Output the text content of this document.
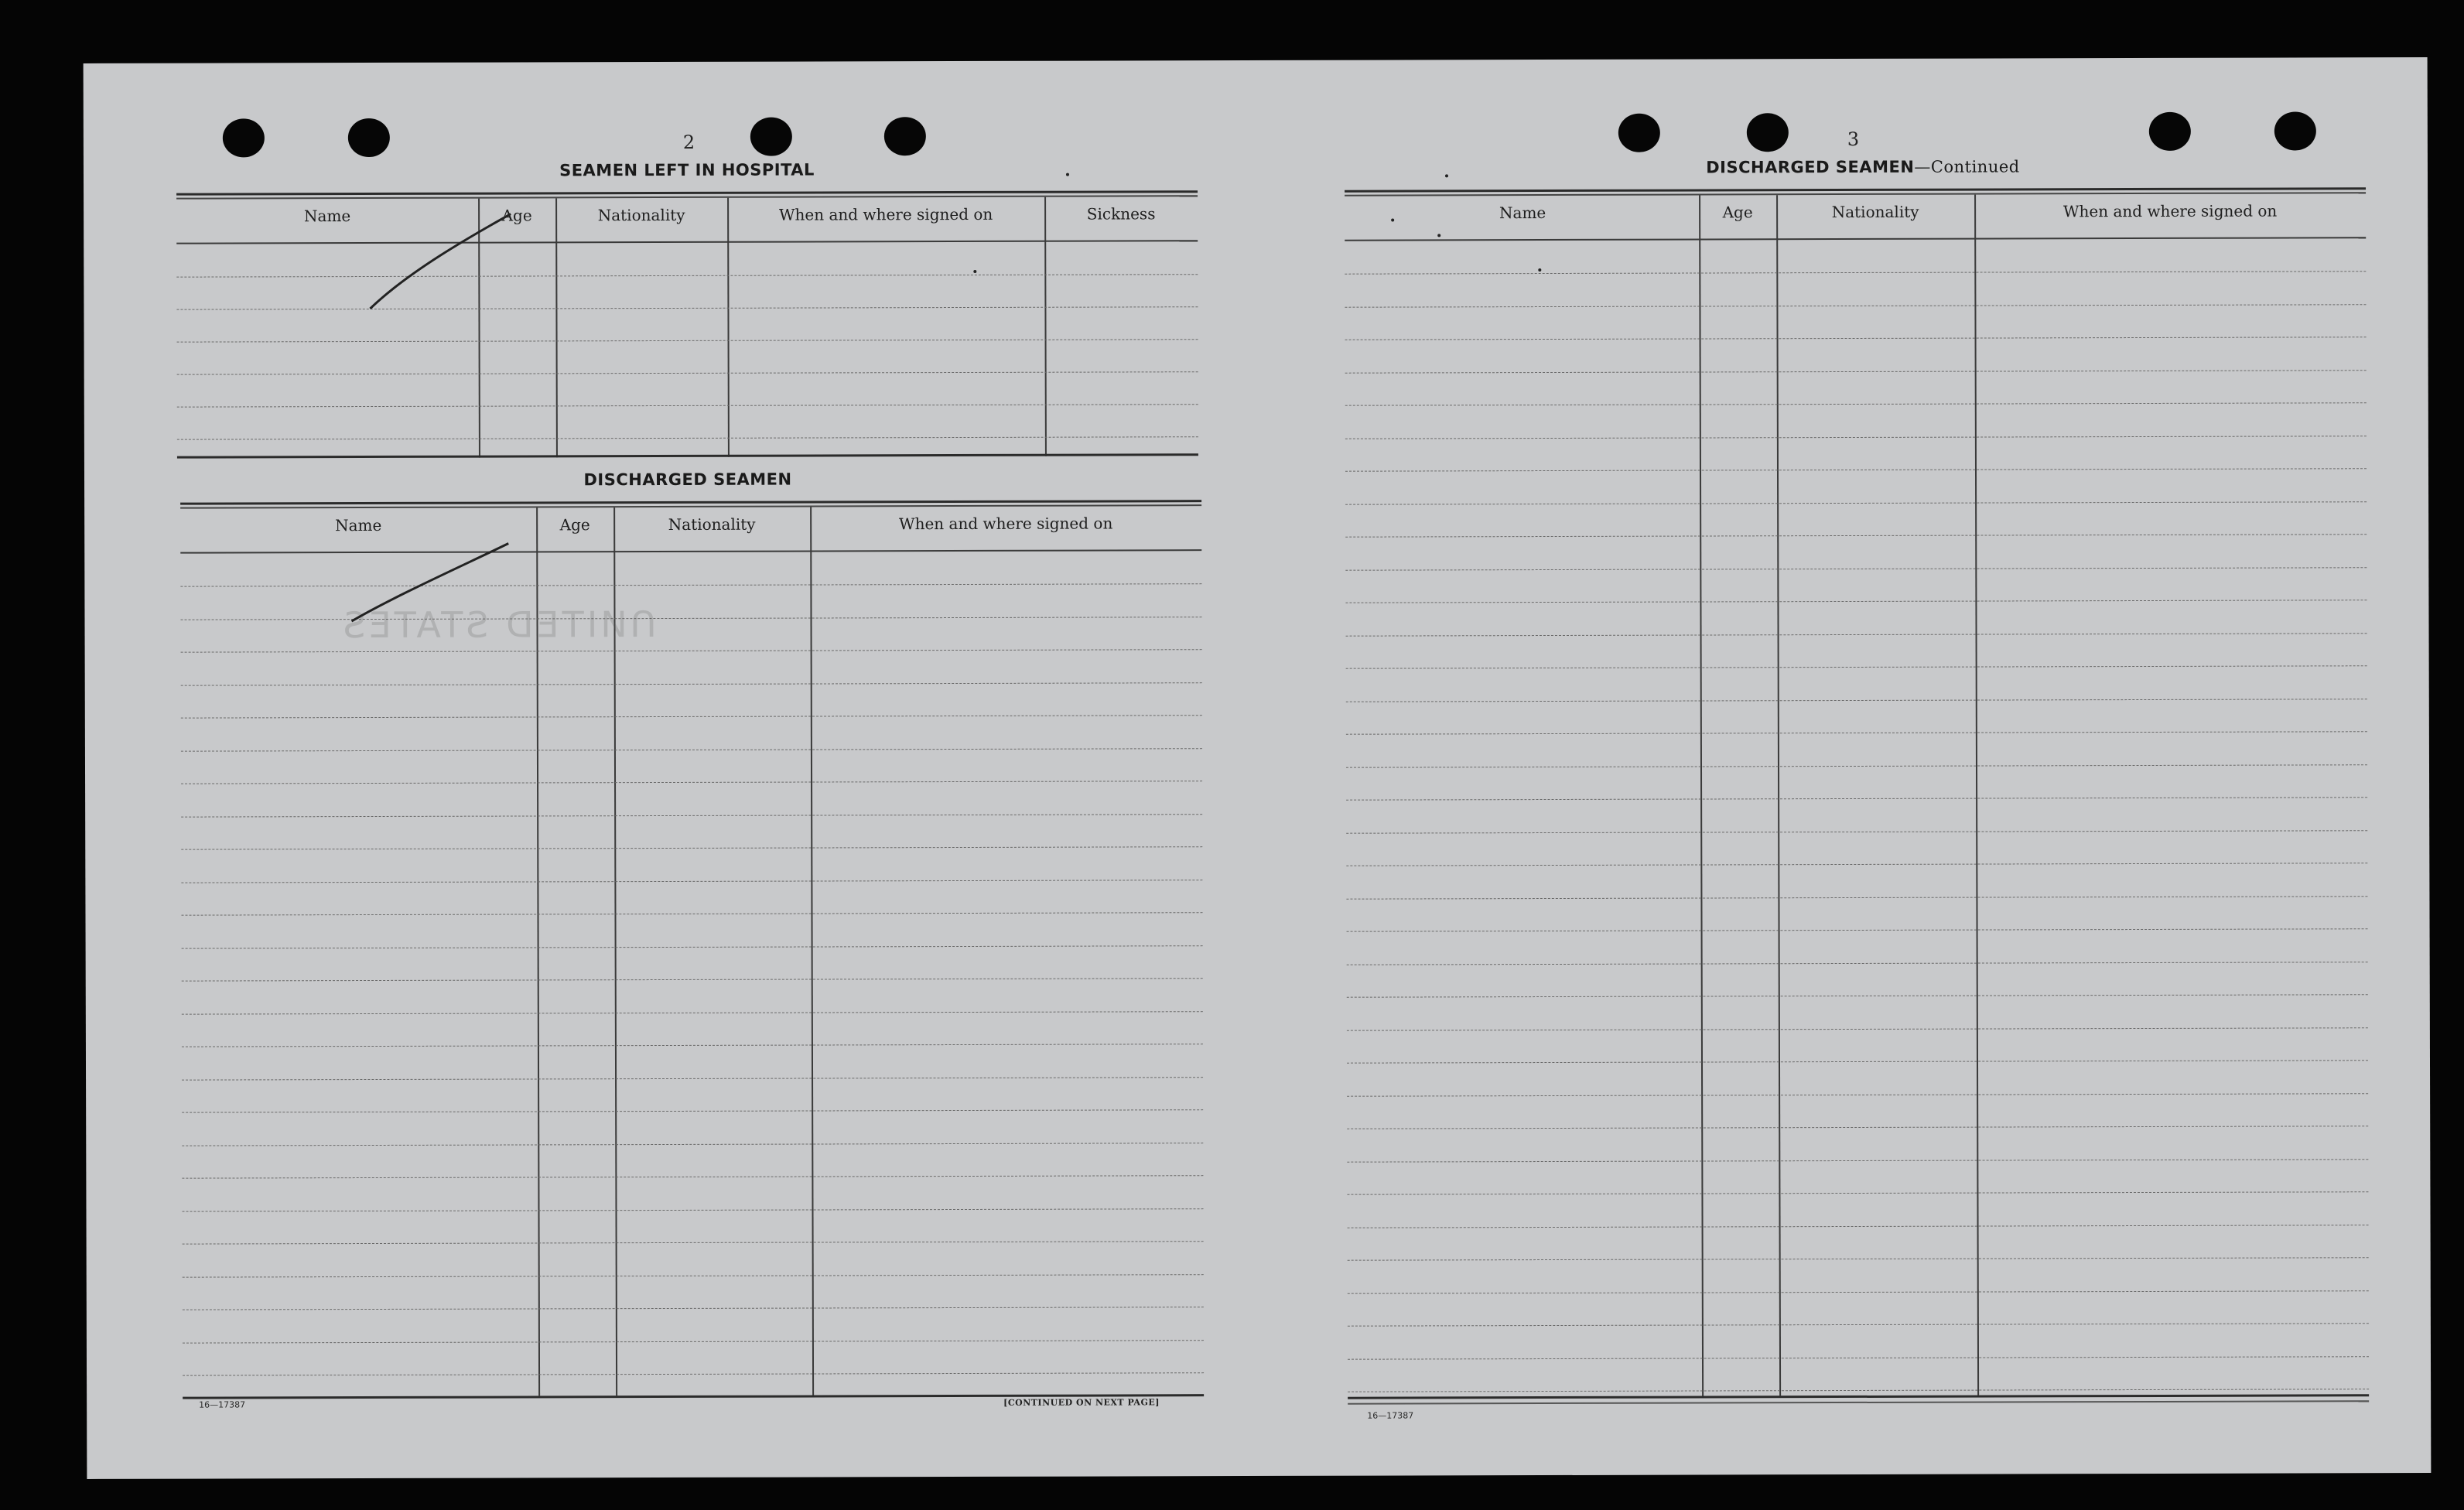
2
SEAMEN LEFT IN HOSPITAL
Name	Age	Nationality	When and where signed on	Sickness
DISCHARGED SEAMEN
Name	Age	Nationality	When and where signed on
16—17387	[CONTINUED ON NEXT PAGE]
ꓵИITED STATES
3
DISCHARGED SEAMEN—Continued
Name	Age	Nationality	When and where signed on
16—17387
